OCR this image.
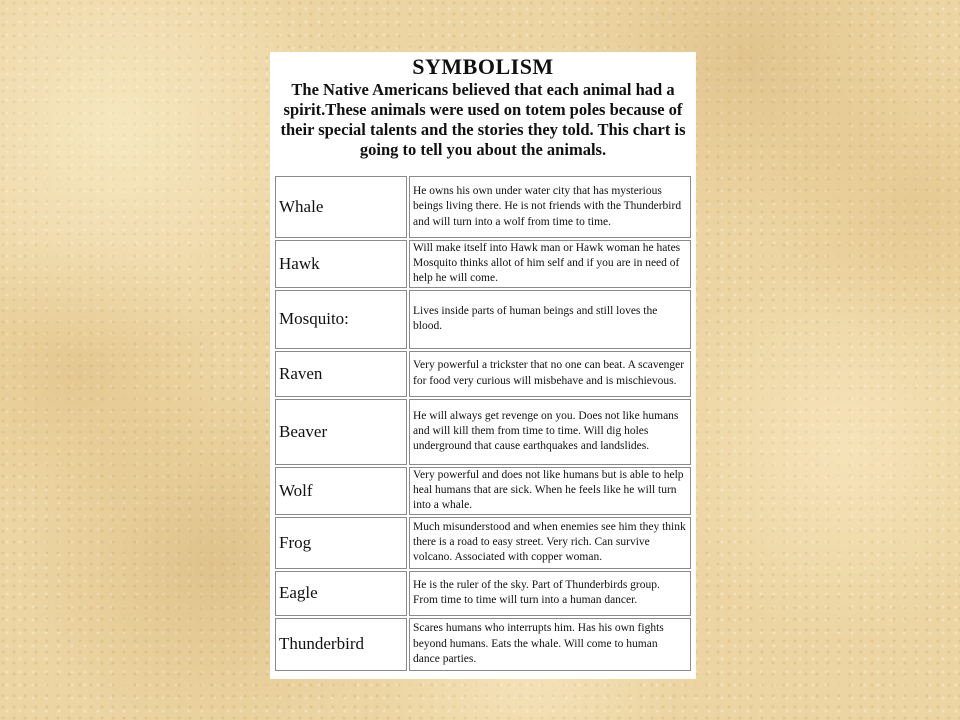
SYMBOLISM

The Native Americans believed that each animal had a spirit.These animals were used on totem poles because of their special talents and the stories they told. This chart is going to tell you about the animals.

Whale	He owns his own under water city that has mysterious beings living there. He is not friends with the Thunderbird and will turn into a wolf from time to time.
Hawk	Will make itself into Hawk man or Hawk woman he hates Mosquito thinks allot of him self and if you are in need of help he will come.
Mosquito:	Lives inside parts of human beings and still loves the blood.
Raven	Very powerful a trickster that no one can beat. A scavenger for food very curious will misbehave and is mischievous.
Beaver	He will always get revenge on you. Does not like humans and will kill them from time to time. Will dig holes underground that cause earthquakes and landslides.
Wolf	Very powerful and does not like humans but is able to help heal humans that are sick. When he feels like he will turn into a whale.
Frog	Much misunderstood and when enemies see him they think there is a road to easy street. Very rich. Can survive volcano. Associated with copper woman.
Eagle	He is the ruler of the sky. Part of Thunderbirds group. From time to time will turn into a human dancer.
Thunderbird	Scares humans who interrupts him. Has his own fights beyond humans. Eats the whale. Will come to human dance parties.
